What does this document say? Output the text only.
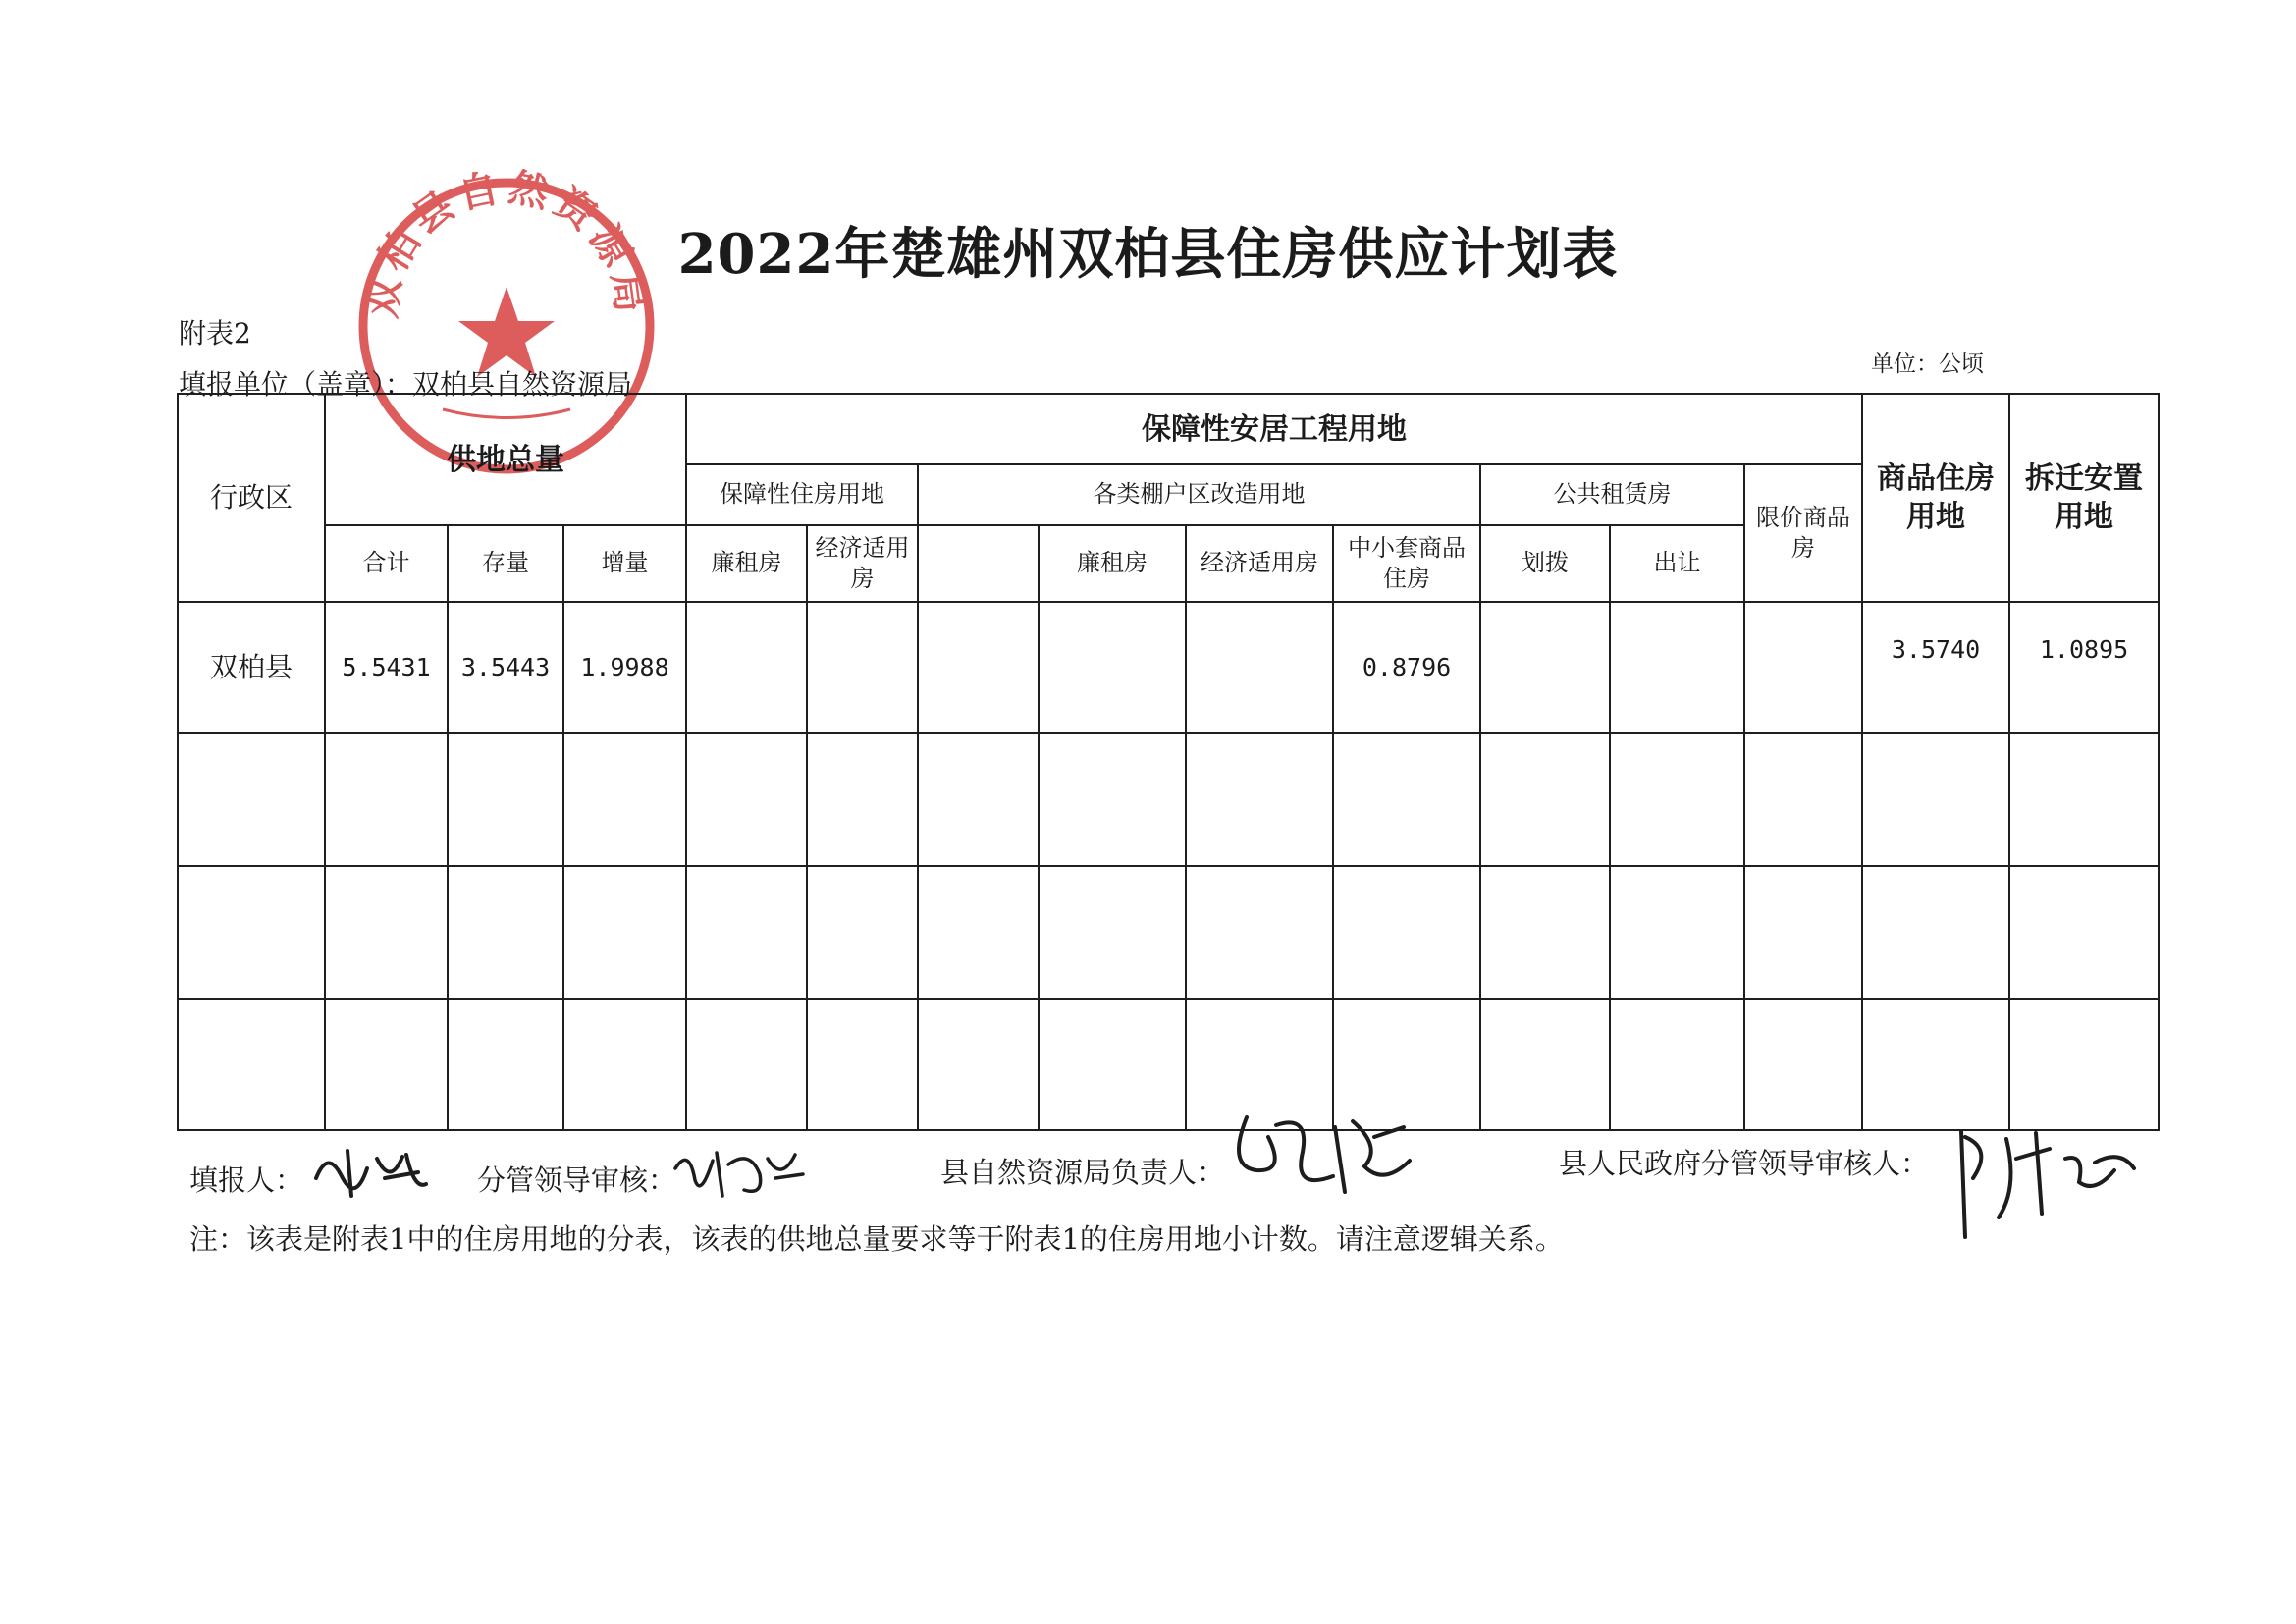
双柏县自然资源局
2022年楚雄州双柏县住房供应计划表
附表2
填报单位（盖章）：双柏县自然资源局
单位：公顷
行政区	供地总量			保障性安居工程用地									商品住房用地	拆迁安置用地
				保障性住房用地		各类棚户区改造用地				公共租赁房		限价商品房		
	合计	存量	增量	廉租房	经济适用房		廉租房	经济适用房	中小套商品住房	划拨	出让			
双柏县	5.5431	3.5443	1.9988						0.8796				3.5740	1.0895

填报人：	分管领导审核：	县自然资源局负责人：	县人民政府分管领导审核人：
注：该表是附表1中的住房用地的分表，该表的供地总量要求等于附表1的住房用地小计数。请注意逻辑关系。
